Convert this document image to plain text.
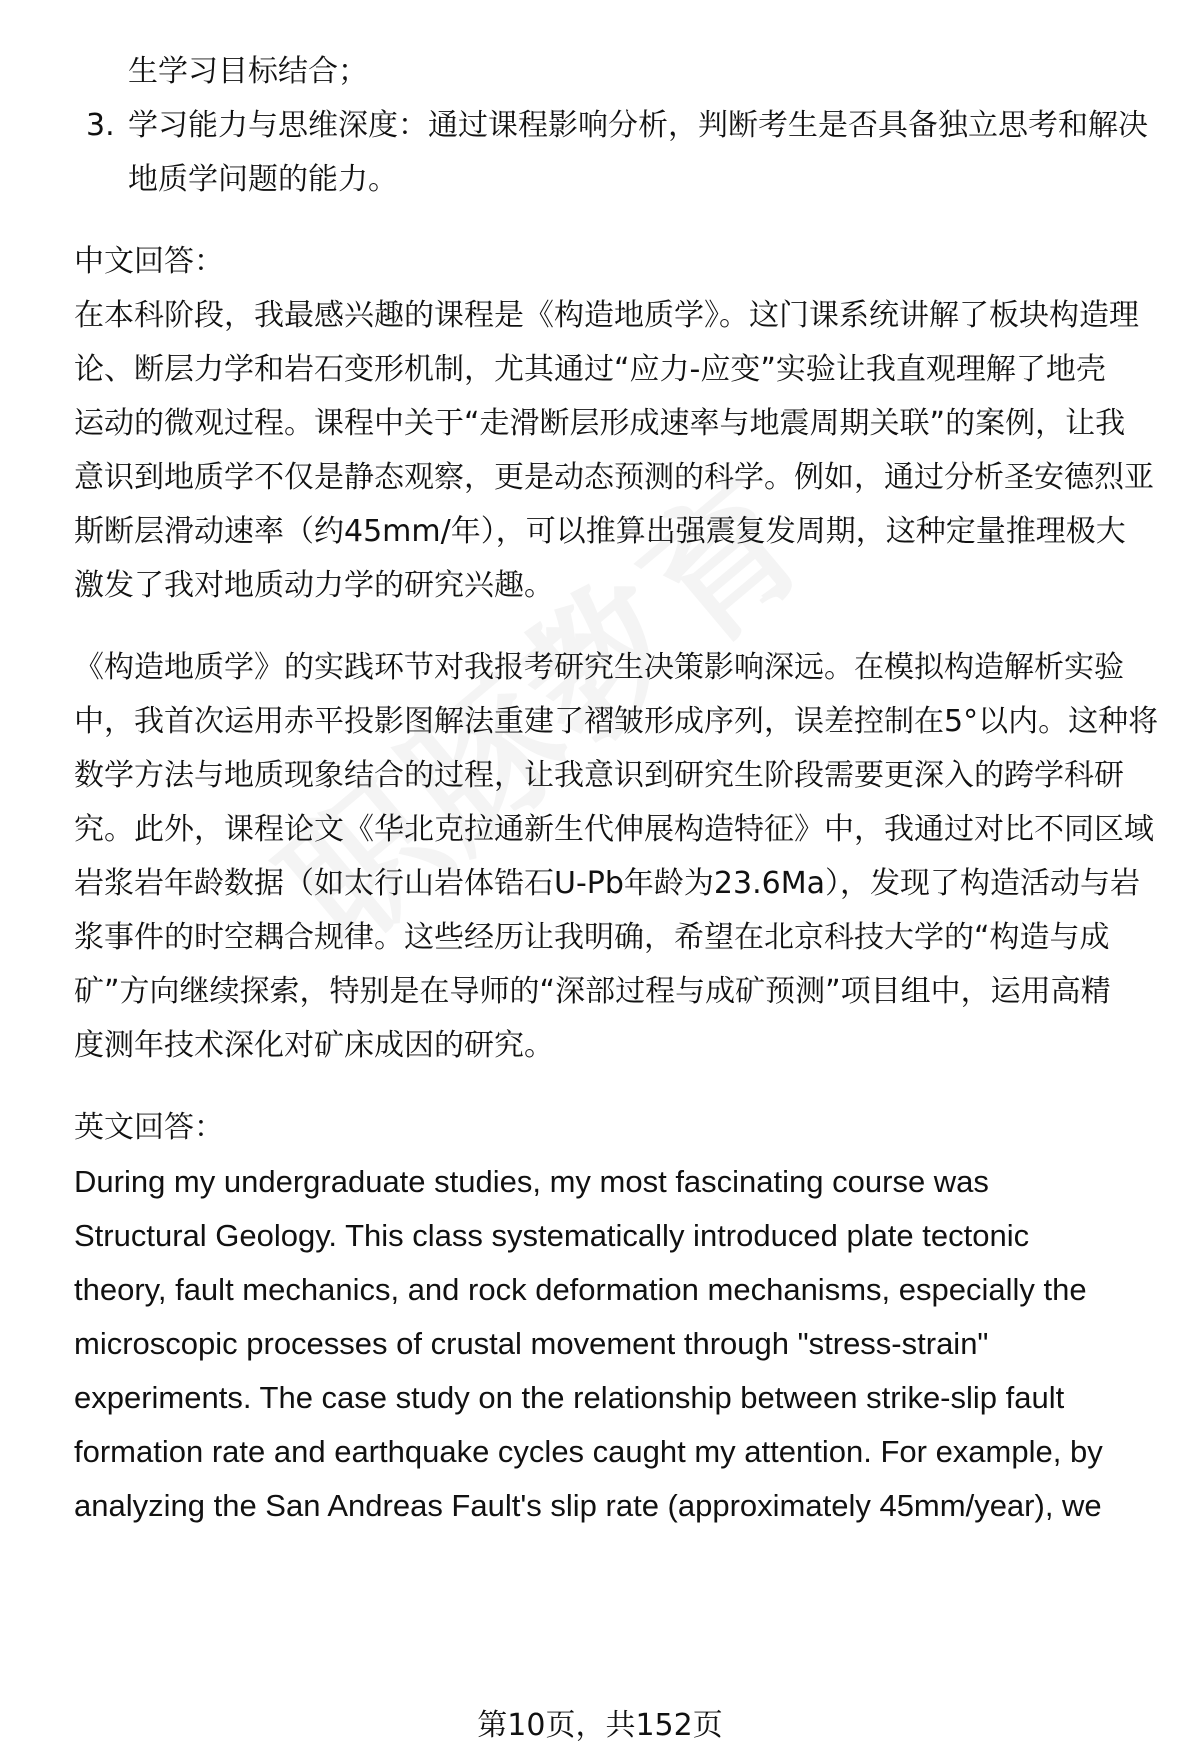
生学习目标结合；
3. 学习能力与思维深度：通过课程影响分析，判断考生是否具备独立思考和解决
地质学问题的能力。
中文回答：
在本科阶段，我最感兴趣的课程是《构造地质学》。这门课系统讲解了板块构造理
论、断层力学和岩石变形机制，尤其通过“应力-应变”实验让我直观理解了地壳
运动的微观过程。课程中关于“走滑断层形成速率与地震周期关联”的案例，让我
意识到地质学不仅是静态观察，更是动态预测的科学。例如，通过分析圣安德烈亚
斯断层滑动速率（约45mm/年），可以推算出强震复发周期，这种定量推理极大
激发了我对地质动力学的研究兴趣。
《构造地质学》的实践环节对我报考研究生决策影响深远。在模拟构造解析实验
中，我首次运用赤平投影图解法重建了褶皱形成序列，误差控制在5°以内。这种将
数学方法与地质现象结合的过程，让我意识到研究生阶段需要更深入的跨学科研
究。此外，课程论文《华北克拉通新生代伸展构造特征》中，我通过对比不同区域
岩浆岩年龄数据（如太行山岩体锆石U-Pb年龄为23.6Ma），发现了构造活动与岩
浆事件的时空耦合规律。这些经历让我明确，希望在北京科技大学的“构造与成
矿”方向继续探索，特别是在导师的“深部过程与成矿预测”项目组中，运用高精
度测年技术深化对矿床成因的研究。
英文回答：
During my undergraduate studies, my most fascinating course was
Structural Geology. This class systematically introduced plate tectonic
theory, fault mechanics, and rock deformation mechanisms, especially the
microscopic processes of crustal movement through "stress-strain"
experiments. The case study on the relationship between strike-slip fault
formation rate and earthquake cycles caught my attention. For example, by
analyzing the San Andreas Fault's slip rate (approximately 45mm/year), we
第10页，共152页
